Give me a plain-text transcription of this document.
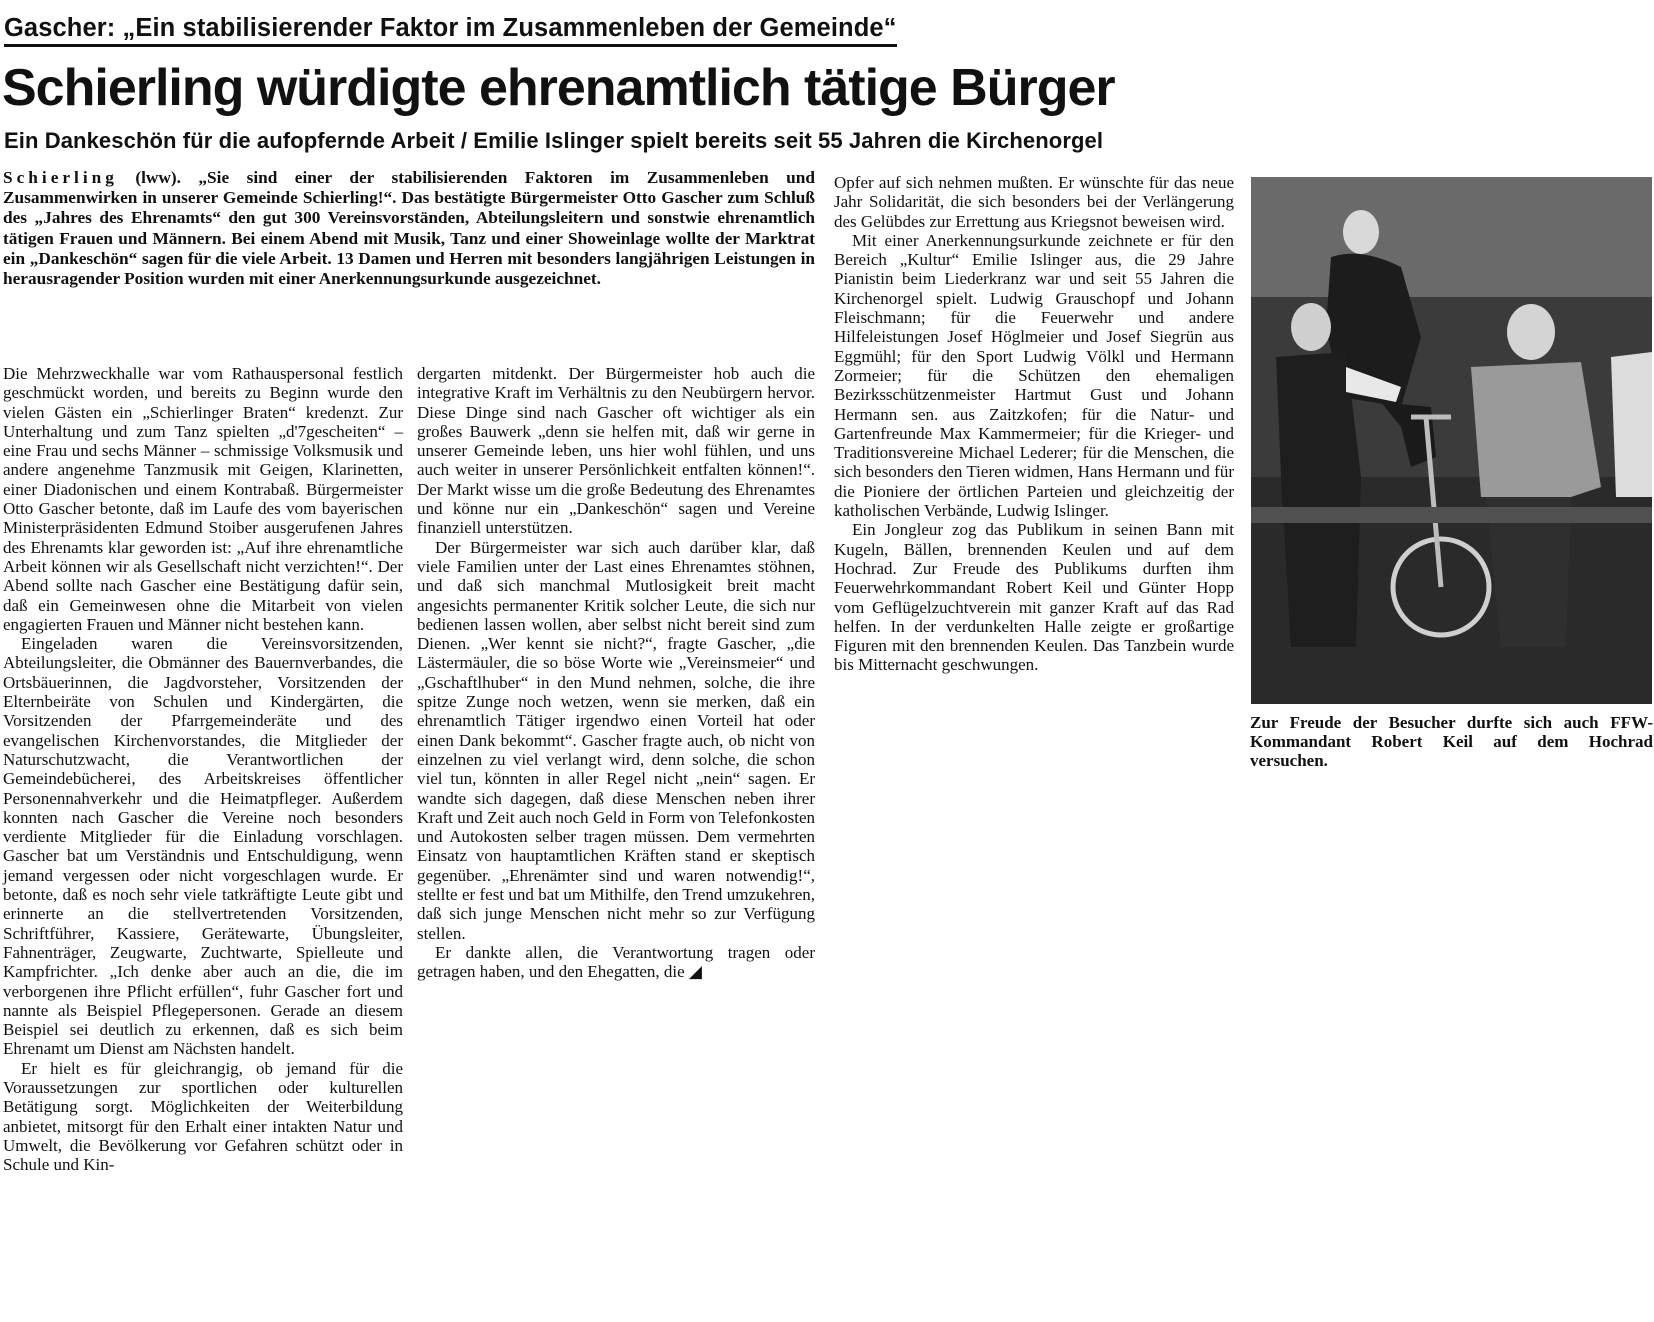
Gascher: „Ein stabilisierender Faktor im Zusammenleben der Gemeinde“
Schierling würdigte ehrenamtlich tätige Bürger
Ein Dankeschön für die aufopfernde Arbeit / Emilie Islinger spielt bereits seit 55 Jahren die Kirchenorgel
Schierling (lww). „Sie sind einer der stabilisierenden Faktoren im Zusammenleben und Zusammenwirken in unserer Gemeinde Schierling!“. Das bestätigte Bürgermeister Otto Gascher zum Schluß des „Jahres des Ehrenamts“ den gut 300 Vereinsvorständen, Abteilungsleitern und sonstwie ehrenamtlich tätigen Frauen und Männern. Bei einem Abend mit Musik, Tanz und einer Showeinlage wollte der Marktrat ein „Dankeschön“ sagen für die viele Arbeit. 13 Damen und Herren mit besonders langjährigen Leistungen in herausragender Position wurden mit einer Anerkennungsurkunde ausgezeichnet.

Die Mehrzweckhalle war vom Rathauspersonal festlich geschmückt worden, und bereits zu Beginn wurde den vielen Gästen ein „Schierlinger Braten“ kredenzt. Zur Unterhaltung und zum Tanz spielten „d'7gescheiten“ – eine Frau und sechs Männer – schmissige Volksmusik und andere angenehme Tanzmusik mit Geigen, Klarinetten, einer Diadonischen und einem Kontrabaß. Bürgermeister Otto Gascher betonte, daß im Laufe des vom bayerischen Ministerpräsidenten Edmund Stoiber ausgerufenen Jahres des Ehrenamts klar geworden ist: „Auf ihre ehrenamtliche Arbeit können wir als Gesellschaft nicht verzichten!“. Der Abend sollte nach Gascher eine Bestätigung dafür sein, daß ein Gemeinwesen ohne die Mitarbeit von vielen engagierten Frauen und Männer nicht bestehen kann.

Eingeladen waren die Vereinsvorsitzenden, Abteilungsleiter, die Obmänner des Bauernverbandes, die Ortsbäuerinnen, die Jagdvorsteher, Vorsitzenden der Elternbeiräte von Schulen und Kindergärten, die Vorsitzenden der Pfarrgemeinderäte und des evangelischen Kirchenvorstandes, die Mitglieder der Naturschutzwacht, die Verantwortlichen der Gemeindebücherei, des Arbeitskreises öffentlicher Personennahverkehr und die Heimatpfleger. Außerdem konnten nach Gascher die Vereine noch besonders verdiente Mitglieder für die Einladung vorschlagen. Gascher bat um Verständnis und Entschuldigung, wenn jemand vergessen oder nicht vorgeschlagen wurde. Er betonte, daß es noch sehr viele tatkräftigte Leute gibt und erinnerte an die stellvertretenden Vorsitzenden, Schriftführer, Kassiere, Gerätewarte, Übungsleiter, Fahnenträger, Zeugwarte, Zuchtwarte, Spielleute und Kampfrichter. „Ich denke aber auch an die, die im verborgenen ihre Pflicht erfüllen“, fuhr Gascher fort und nannte als Beispiel Pflegepersonen. Gerade an diesem Beispiel sei deutlich zu erkennen, daß es sich beim Ehrenamt um Dienst am Nächsten handelt.

Er hielt es für gleichrangig, ob jemand für die Voraussetzungen zur sportlichen oder kulturellen Betätigung sorgt. Möglichkeiten der Weiterbildung anbietet, mitsorgt für den Erhalt einer intakten Natur und Umwelt, die Bevölkerung vor Gefahren schützt oder in Schule und Kin-

dergarten mitdenkt. Der Bürgermeister hob auch die integrative Kraft im Verhältnis zu den Neubürgern hervor. Diese Dinge sind nach Gascher oft wichtiger als ein großes Bauwerk „denn sie helfen mit, daß wir gerne in unserer Gemeinde leben, uns hier wohl fühlen, und uns auch weiter in unserer Persönlichkeit entfalten können!“. Der Markt wisse um die große Bedeutung des Ehrenamtes und könne nur ein „Dankeschön“ sagen und Vereine finanziell unterstützen.

Der Bürgermeister war sich auch darüber klar, daß viele Familien unter der Last eines Ehrenamtes stöhnen, und daß sich manchmal Mutlosigkeit breit macht angesichts permanenter Kritik solcher Leute, die sich nur bedienen lassen wollen, aber selbst nicht bereit sind zum Dienen. „Wer kennt sie nicht?“, fragte Gascher, „die Lästermäuler, die so böse Worte wie „Vereinsmeier“ und „Gschaftlhuber“ in den Mund nehmen, solche, die ihre spitze Zunge noch wetzen, wenn sie merken, daß ein ehrenamtlich Tätiger irgendwo einen Vorteil hat oder einen Dank bekommt“. Gascher fragte auch, ob nicht von einzelnen zu viel verlangt wird, denn solche, die schon viel tun, könnten in aller Regel nicht „nein“ sagen. Er wandte sich dagegen, daß diese Menschen neben ihrer Kraft und Zeit auch noch Geld in Form von Telefonkosten und Autokosten selber tragen müssen. Dem vermehrten Einsatz von hauptamtlichen Kräften stand er skeptisch gegenüber. „Ehrenämter sind und waren notwendig!“, stellte er fest und bat um Mithilfe, den Trend umzukehren, daß sich junge Menschen nicht mehr so zur Verfügung stellen.

Er dankte allen, die Verantwortung tragen oder getragen haben, und den Ehegatten, die ◢

Opfer auf sich nehmen mußten. Er wünschte für das neue Jahr Solidarität, die sich besonders bei der Verlängerung des Gelübdes zur Errettung aus Kriegsnot beweisen wird.

Mit einer Anerkennungsurkunde zeichnete er für den Bereich „Kultur“ Emilie Islinger aus, die 29 Jahre Pianistin beim Liederkranz war und seit 55 Jahren die Kirchenorgel spielt. Ludwig Grauschopf und Johann Fleischmann; für die Feuerwehr und andere Hilfeleistungen Josef Höglmeier und Josef Siegrün aus Eggmühl; für den Sport Ludwig Völkl und Hermann Zormeier; für die Schützen den ehemaligen Bezirksschützenmeister Hartmut Gust und Johann Hermann sen. aus Zaitzkofen; für die Natur- und Gartenfreunde Max Kammermeier; für die Krieger- und Traditionsvereine Michael Lederer; für die Menschen, die sich besonders den Tieren widmen, Hans Hermann und für die Pioniere der örtlichen Parteien und gleichzeitig der katholischen Verbände, Ludwig Islinger.

Ein Jongleur zog das Publikum in seinen Bann mit Kugeln, Bällen, brennenden Keulen und auf dem Hochrad. Zur Freude des Publikums durften ihm Feuerwehrkommandant Robert Keil und Günter Hopp vom Geflügelzuchtverein mit ganzer Kraft auf das Rad helfen. In der verdunkelten Halle zeigte er großartige Figuren mit den brennenden Keulen. Das Tanzbein wurde bis Mitternacht geschwungen.

Zur Freude der Besucher durfte sich auch FFW-Kommandant Robert Keil auf dem Hochrad versuchen.
